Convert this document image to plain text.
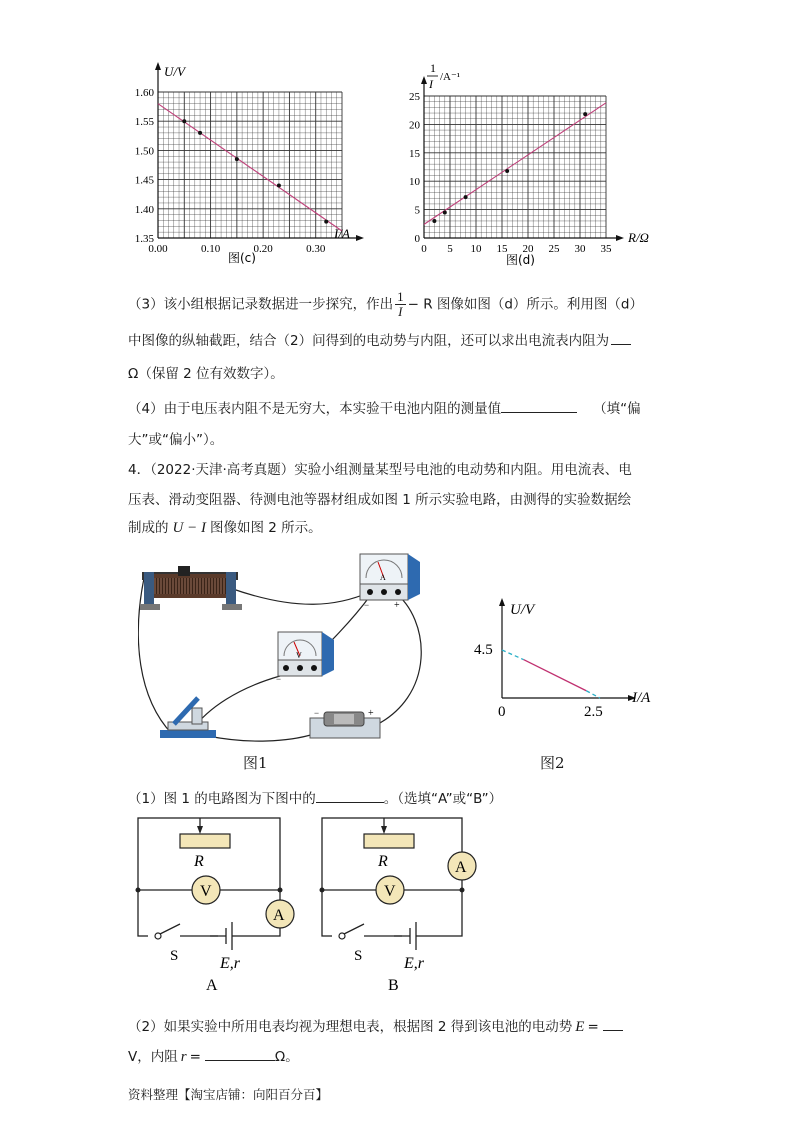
1.35
1.40
1.45
1.50
1.55
1.60
0.00	0.10	0.20	0.30
U/V
I/A
图(c)
0
5
10
15
20
25
0 5 10 15 20 25 30 35
1
I /A⁻¹
R/Ω
图(d)
（3）该小组根据记录数据进一步探究，作出 $\frac{1}{I} - R$ 图像如图（d）所示。利用图（d）
中图像的纵轴截距，结合（2）问得到的电动势与内阻，还可以求出电流表内阻为
Ω（保留 2 位有效数字）。
（4）由于电压表内阻不是无穷大，本实验干电池内阻的测量值	（填“偏
大”或“偏小”）。
4．（2022·天津·高考真题）实验小组测量某型号电池的电动势和内阻。用电流表、电
压表、滑动变阻器、待测电池等器材组成如图 1 所示实验电路，由测得的实验数据绘
制成的 U − I 图像如图 2 所示。
A
− +
V
−
−	+
图1
U/V
I/A
4.5
0	2.5
图2
（1）图 1 的电路图为下图中的	。（选填“A”或“B”）
R
V
A
S	E,r
A
R
V
A
S	E,r
B
（2）如果实验中所用电表均视为理想电表，根据图 2 得到该电池的电动势 E =
V，内阻 r =	Ω。
资料整理【淘宝店铺：向阳百分百】
